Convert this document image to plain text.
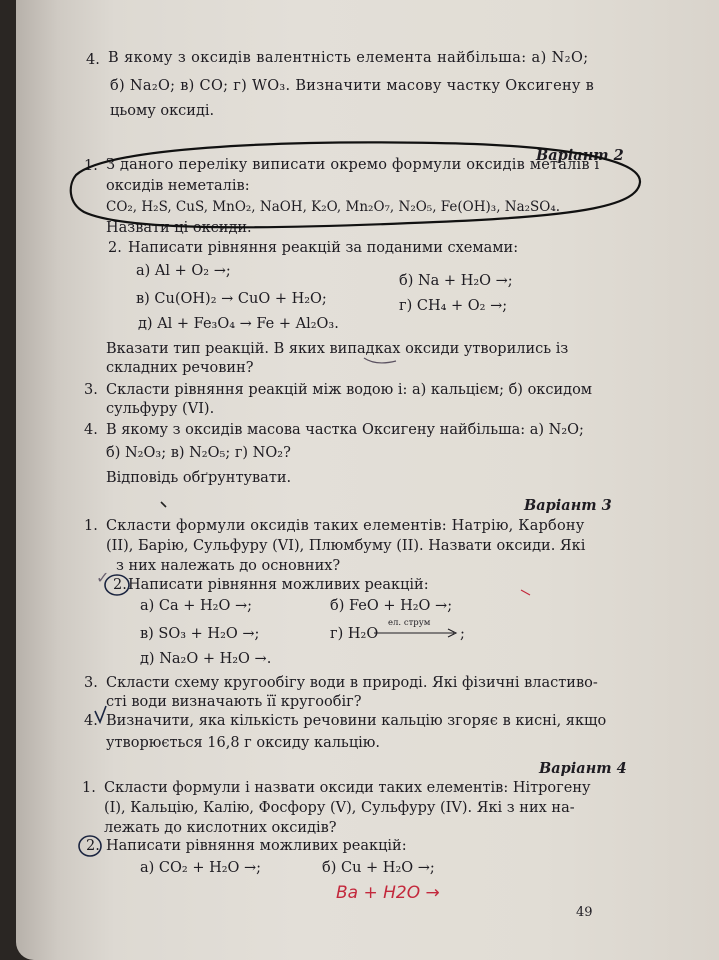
4. В якому з оксидів валентність елемента найбільша: а) N₂O;
б) Na₂O; в) CO; г) WO₃. Визначити масову частку Оксигену в
цьому оксиді.
Варіант 2
1. З даного переліку виписати окремо формули оксидів металів і
оксидів неметалів:
CO₂, H₂S, CuS, MnO₂, NaOH, K₂O, Mn₂O₇, N₂O₅, Fe(OH)₃, Na₂SO₄.
Назвати ці оксиди.
2. Написати рівняння реакцій за поданими схемами:
а) Al + O₂ →;
б) Na + H₂O →;
в) Cu(OH)₂ → CuO + H₂O;	г) CH₄ + O₂ →;
д) Al + Fe₃O₄ → Fe + Al₂O₃.
Вказати тип реакцій. В яких випадках оксиди утворились із
складних речовин?
3. Скласти рівняння реакцій між водою і: а) кальцієм; б) оксидом
сульфуру (VI).
4. В якому з оксидів масова частка Оксигену найбільша: а) N₂O;
б) N₂O₃; в) N₂O₅; г) NO₂?
Відповідь обґрунтувати.
Варіант 3
1. Скласти формули оксидів таких елементів: Натрію, Карбону
(II), Барію, Сульфуру (VI), Плюмбуму (II). Назвати оксиди. Які
з них належать до основних?
2. Написати рівняння можливих реакцій:
а) Ca + H₂O →;	б) FeO + H₂O →;
в) SO₃ + H₂O →;	г) H₂O
ел. струм
;
д) Na₂O + H₂O →.
3. Скласти схему кругообігу води в природі. Які фізичні властиво-
сті води визначають її кругообіг?
4. Визначити, яка кількість речовини кальцію згоряє в кисні, якщо
утворюється 16,8 г оксиду кальцію.
Варіант 4
1. Скласти формули і назвати оксиди таких елементів: Нітрогену
(I), Кальцію, Калію, Фосфору (V), Сульфуру (IV). Які з них на-
лежать до кислотних оксидів?
2. Написати рівняння можливих реакцій:
а) CO₂ + H₂O →;	б) Cu + H₂O →;
Ba + H2O →
✓
49
